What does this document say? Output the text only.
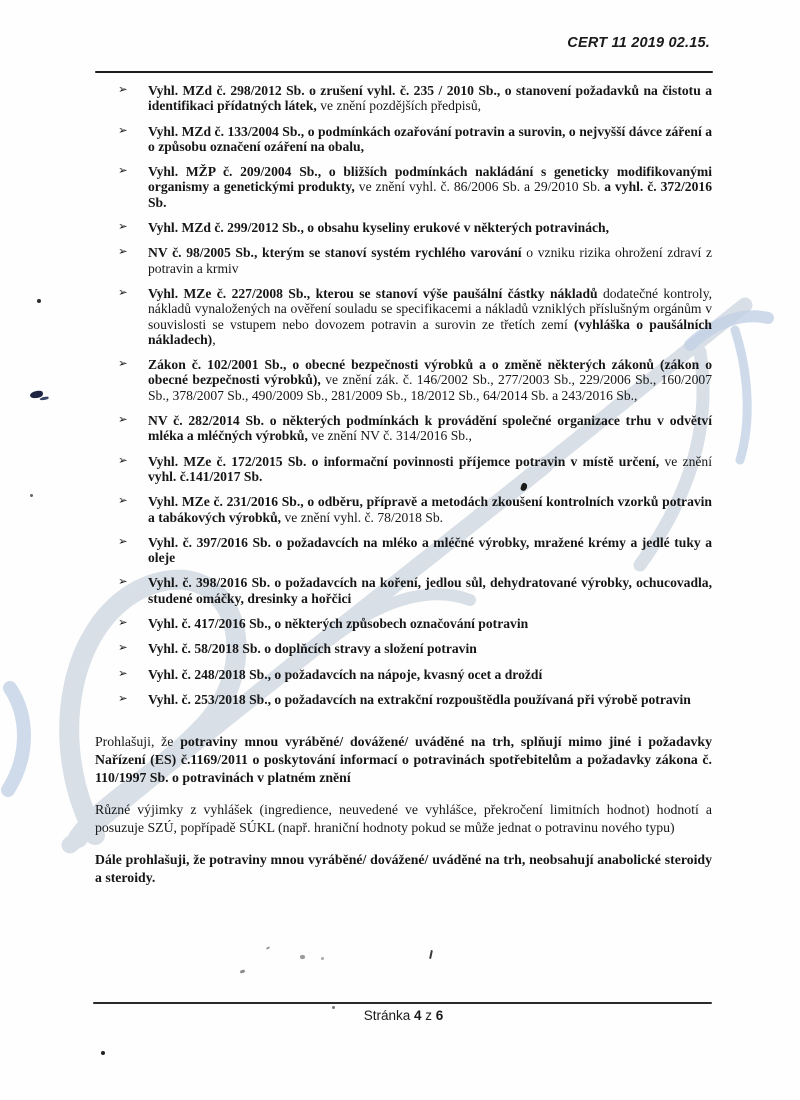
CERT 11 2019 02.15.
➢	Vyhl. MZd č. 298/2012 Sb. o zrušení vyhl. č. 235 / 2010 Sb., o stanovení požadavků na čistotu a identifikaci přídatných látek, ve znění pozdějších předpisů,
➢	Vyhl. MZd č. 133/2004 Sb., o podmínkách ozařování potravin a surovin, o nejvyšší dávce záření a o způsobu označení ozáření na obalu,
➢	Vyhl. MŽP č. 209/2004 Sb., o bližších podmínkách nakládání s geneticky modifikovanými organismy a genetickými produkty, ve znění vyhl. č. 86/2006 Sb. a 29/2010 Sb. a vyhl. č. 372/2016 Sb.
➢	Vyhl. MZd č. 299/2012 Sb., o obsahu kyseliny erukové v některých potravinách,
➢	NV č. 98/2005 Sb., kterým se stanoví systém rychlého varování o vzniku rizika ohrožení zdraví z potravin a krmiv
➢	Vyhl. MZe č. 227/2008 Sb., kterou se stanoví výše paušální částky nákladů dodatečné kontroly, nákladů vynaložených na ověření souladu se specifikacemi a nákladů vzniklých příslušným orgánům v souvislosti se vstupem nebo dovozem potravin a surovin ze třetích zemí (vyhláška o paušálních nákladech),
➢	Zákon č. 102/2001 Sb., o obecné bezpečnosti výrobků a o změně některých zákonů (zákon o obecné bezpečnosti výrobků), ve znění zák. č. 146/2002 Sb., 277/2003 Sb., 229/2006 Sb., 160/2007 Sb., 378/2007 Sb., 490/2009 Sb., 281/2009 Sb., 18/2012 Sb., 64/2014 Sb. a 243/2016 Sb.,
➢	NV č. 282/2014 Sb. o některých podmínkách k provádění společné organizace trhu v odvětví mléka a mléčných výrobků, ve znění NV č. 314/2016 Sb.,
➢	Vyhl. MZe č. 172/2015 Sb. o informační povinnosti příjemce potravin v místě určení, ve znění vyhl. č.141/2017 Sb.
➢	Vyhl. MZe č. 231/2016 Sb., o odběru, přípravě a metodách zkoušení kontrolních vzorků potravin a tabákových výrobků, ve znění vyhl. č. 78/2018 Sb.
➢	Vyhl. č. 397/2016 Sb. o požadavcích na mléko a mléčné výrobky, mražené krémy a jedlé tuky a oleje
➢	Vyhl. č. 398/2016 Sb. o požadavcích na koření, jedlou sůl, dehydratované výrobky, ochucovadla, studené omáčky, dresinky a hořčici
➢	Vyhl. č. 417/2016 Sb., o některých způsobech označování potravin
➢	Vyhl. č. 58/2018 Sb. o doplňcích stravy a složení potravin
➢	Vyhl. č. 248/2018 Sb., o požadavcích na nápoje, kvasný ocet a droždí
➢	Vyhl. č. 253/2018 Sb., o požadavcích na extrakční rozpouštědla používaná při výrobě potravin
Prohlašuji, že potraviny mnou vyráběné/ dovážené/ uváděné na trh, splňují mimo jiné i požadavky Nařízení (ES) č.1169/2011 o poskytování informací o potravinách spotřebitelům a požadavky zákona č. 110/1997 Sb. o potravinách v platném znění
Různé výjimky z vyhlášek (ingredience, neuvedené ve vyhlášce, překročení limitních hodnot) hodnotí a posuzuje SZÚ, popřípadě SÚKL (např. hraniční hodnoty pokud se může jednat o potravinu nového typu)
Dále prohlašuji, že potraviny mnou vyráběné/ dovážené/ uváděné na trh, neobsahují anabolické steroidy a steroidy.
Stránka 4 z 6
